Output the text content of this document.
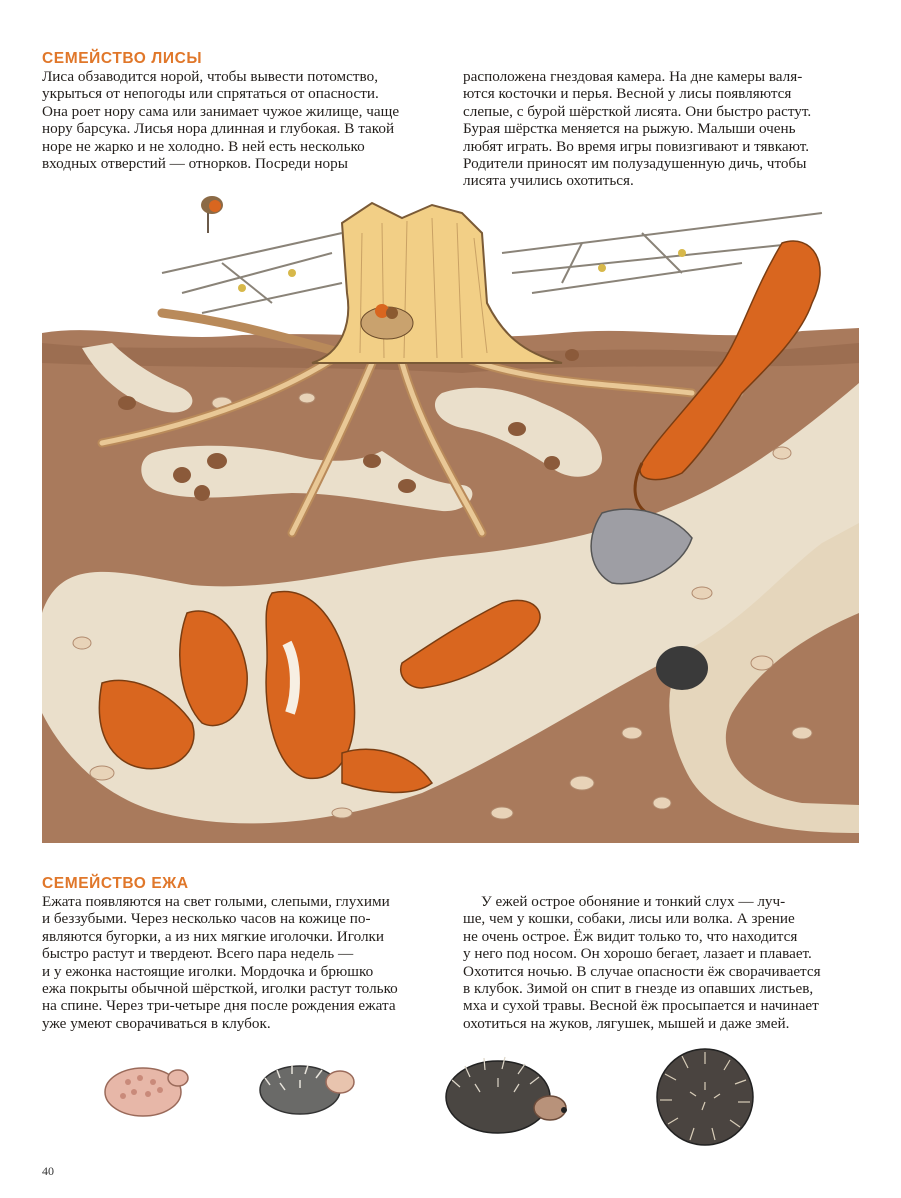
СЕМЕЙСТВО ЛИСЫ
Лиса обзаводится норой, чтобы вывести потомство,
укрыться от непогоды или спрятаться от опасности.
Она роет нору сама или занимает чужое жилище, чаще
нору барсука. Лисья нора длинная и глубокая. В такой
норе не жарко и не холодно. В ней есть несколько
входных отверстий — отнорков. Посреди норы
расположена гнездовая камера. На дне камеры валя-
ются косточки и перья. Весной у лисы появляются
слепые, с бурой шёрсткой лисята. Они быстро растут.
Бурая шёрстка меняется на рыжую. Малыши очень
любят играть. Во время игры повизгивают и тявкают.
Родители приносят им полузадушенную дичь, чтобы
лисята учились охотиться.
СЕМЕЙСТВО ЕЖА
Ежата появляются на свет голыми, слепыми, глухими
и беззубыми. Через несколько часов на кожице по-
являются бугорки, а из них мягкие иголочки. Иголки
быстро растут и твердеют. Всего пара недель —
и у ежонка настоящие иголки. Мордочка и брюшко
ежа покрыты обычной шёрсткой, иголки растут только
на спине. Через три-четыре дня после рождения ежата
уже умеют сворачиваться в клубок.
У ежей острое обоняние и тонкий слух — луч-
ше, чем у кошки, собаки, лисы или волка. А зрение
не очень острое. Ёж видит только то, что находится
у него под носом. Он хорошо бегает, лазает и плавает.
Охотится ночью. В случае опасности ёж сворачивается
в клубок. Зимой он спит в гнезде из опавших листьев,
мха и сухой травы. Весной ёж просыпается и начинает
охотиться на жуков, лягушек, мышей и даже змей.

40
